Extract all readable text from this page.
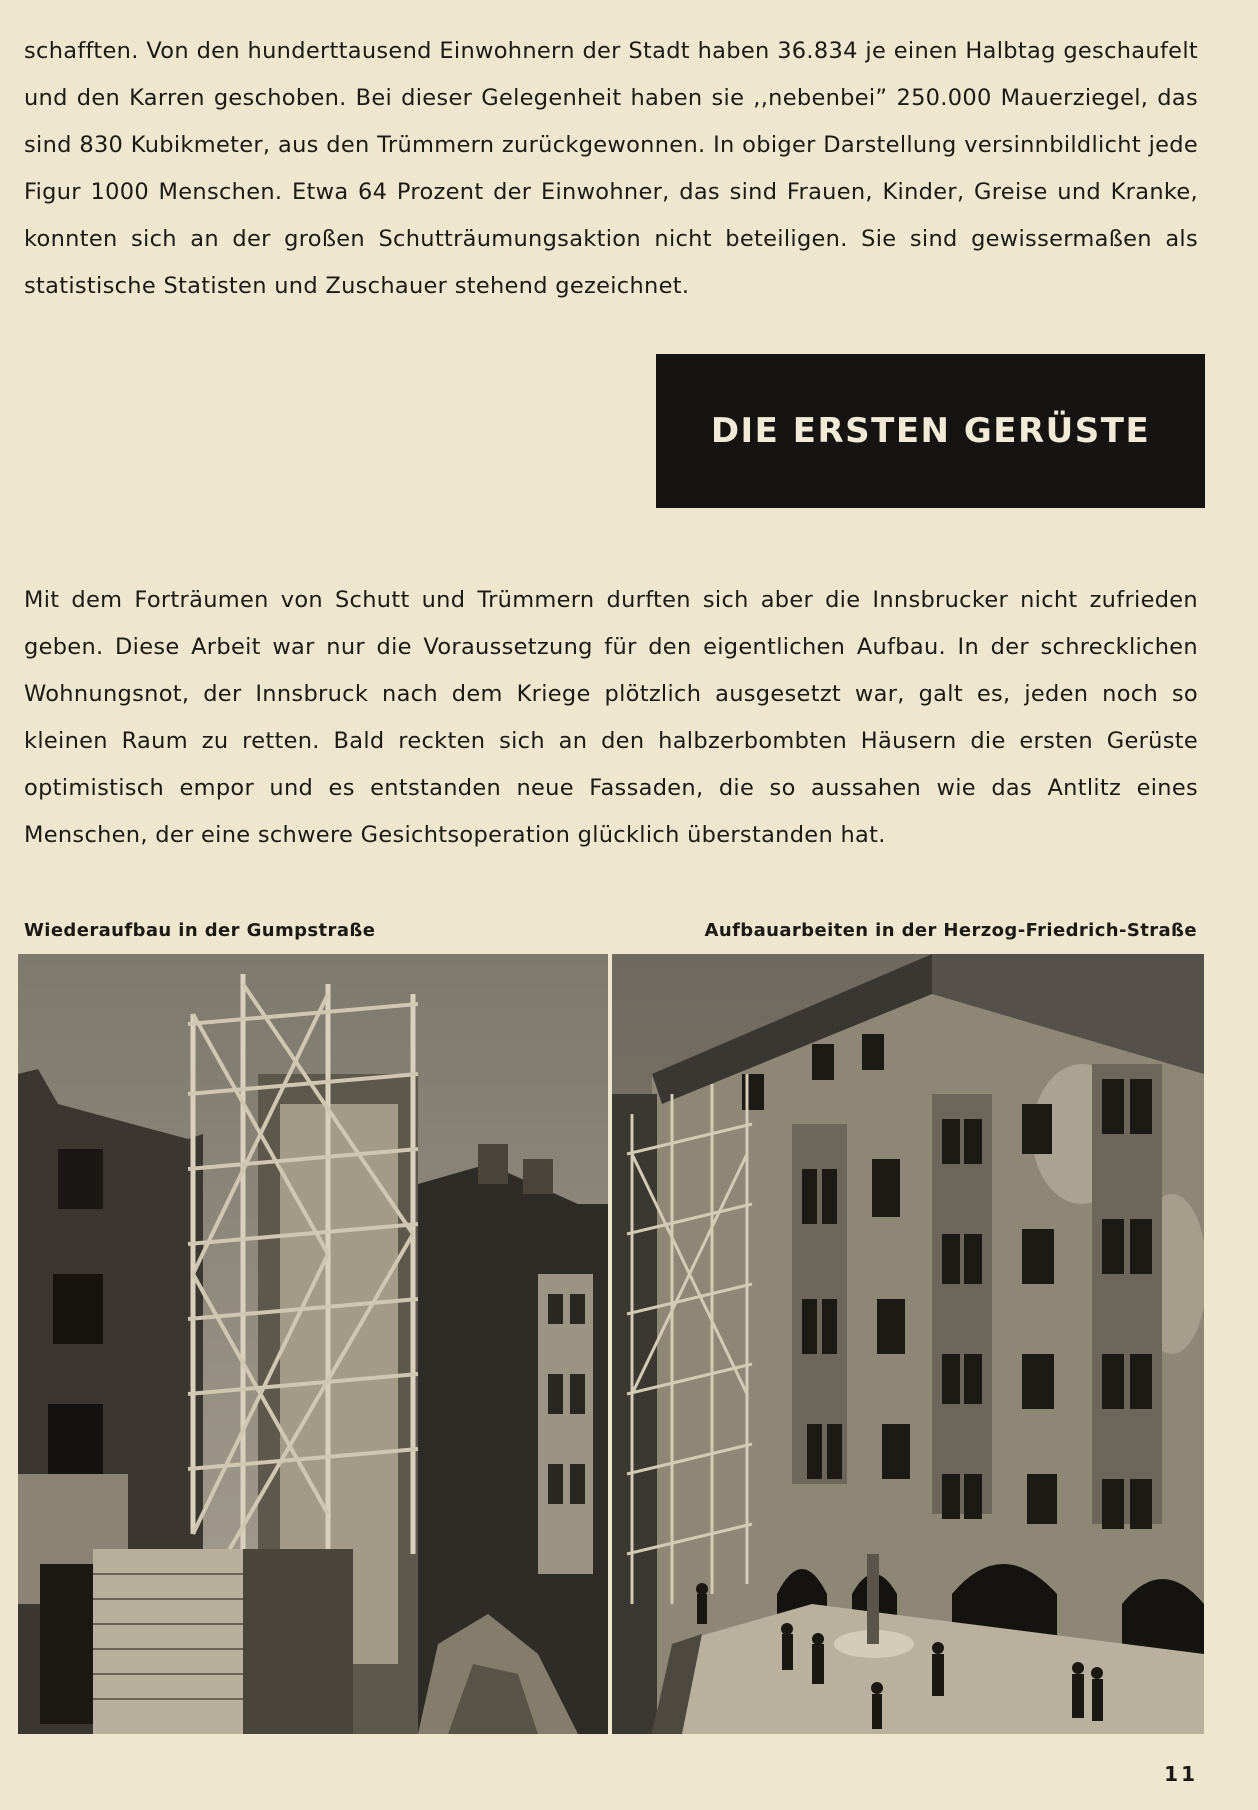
schafften. Von den hunderttausend Einwohnern der Stadt haben 36.834 je einen Halbtag geschaufelt und den Karren geschoben. Bei dieser Gelegenheit haben sie ,,nebenbei” 250.000 Mauerziegel, das sind 830 Kubikmeter, aus den Trümmern zurückgewonnen. In obiger Darstellung versinnbildlicht jede Figur 1000 Menschen. Etwa 64 Prozent der Einwohner, das sind Frauen, Kinder, Greise und Kranke, konnten sich an der großen Schutträumungsaktion nicht beteiligen. Sie sind gewissermaßen als statistische Statisten und Zuschauer stehend gezeichnet.

DIE ERSTEN GERÜSTE

Mit dem Forträumen von Schutt und Trümmern durften sich aber die Innsbrucker nicht zufrieden geben. Diese Arbeit war nur die Voraussetzung für den eigentlichen Aufbau. In der schrecklichen Wohnungsnot, der Innsbruck nach dem Kriege plötzlich ausgesetzt war, galt es, jeden noch so kleinen Raum zu retten. Bald reckten sich an den halbzerbombten Häusern die ersten Gerüste optimistisch empor und es entstanden neue Fassaden, die so aussahen wie das Antlitz eines Menschen, der eine schwere Gesichtsoperation glücklich überstanden hat.

Wiederaufbau in der Gumpstraße	Aufbauarbeiten in der Herzog-Friedrich-Straße
11
